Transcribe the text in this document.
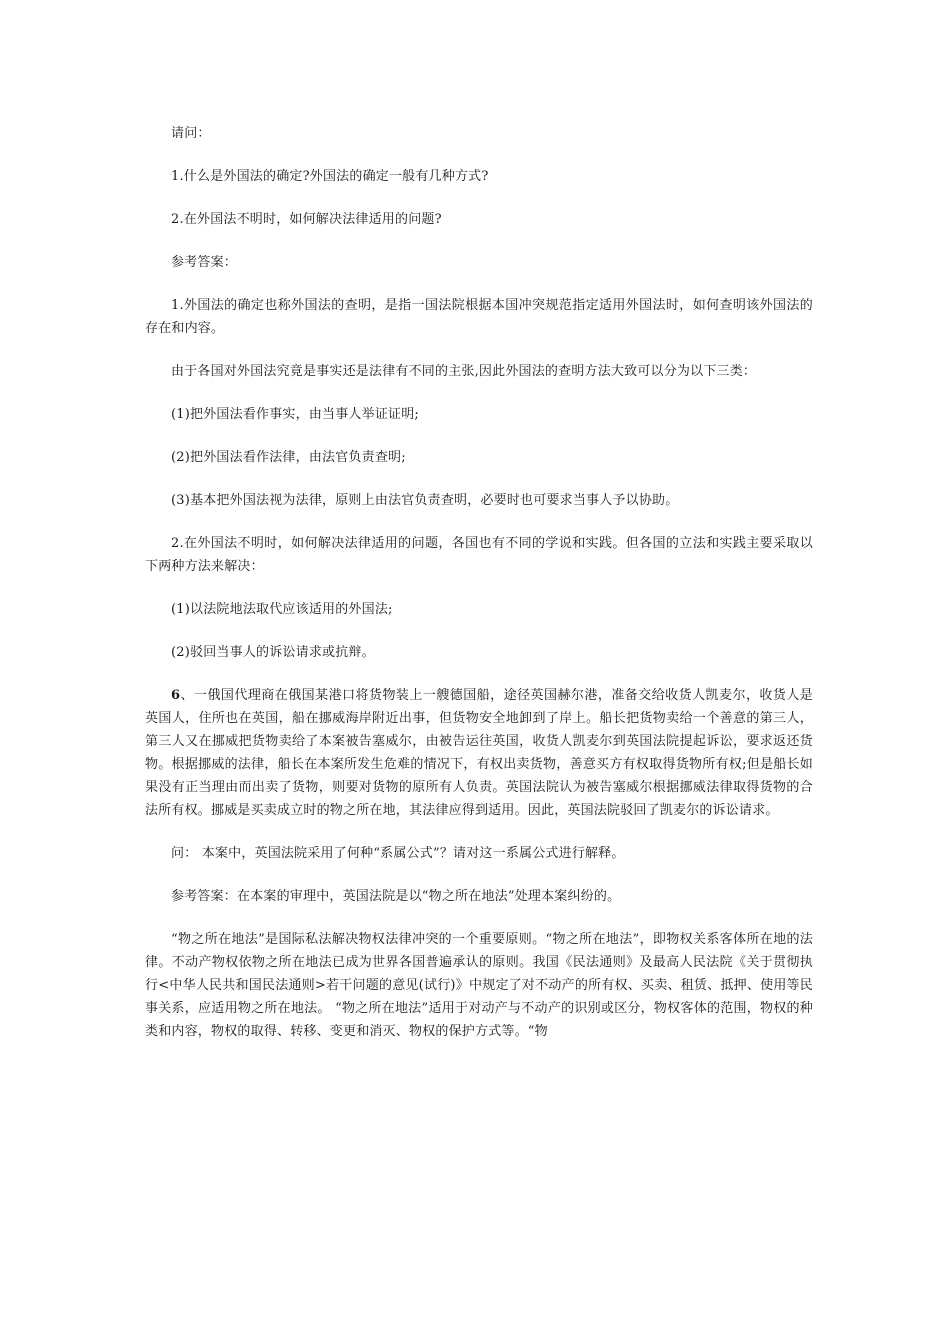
请问：

1.什么是外国法的确定?外国法的确定一般有几种方式?

2.在外国法不明时，如何解决法律适用的问题?

参考答案：

1.外国法的确定也称外国法的查明，是指一国法院根据本国冲突规范指定适用外国法时，如何查明该外国法的存在和内容。

由于各国对外国法究竟是事实还是法律有不同的主张,因此外国法的查明方法大致可以分为以下三类：

(1)把外国法看作事实，由当事人举证证明;

(2)把外国法看作法律，由法官负责查明;

(3)基本把外国法视为法律，原则上由法官负责查明，必要时也可要求当事人予以协助。

2.在外国法不明时，如何解决法律适用的问题，各国也有不同的学说和实践。但各国的立法和实践主要采取以下两种方法来解决：

(1)以法院地法取代应该适用的外国法;

(2)驳回当事人的诉讼请求或抗辩。

6、一俄国代理商在俄国某港口将货物装上一艘德国船，途径英国赫尔港，准备交给收货人凯麦尔，收货人是英国人，住所也在英国，船在挪威海岸附近出事，但货物安全地卸到了岸上。船长把货物卖给一个善意的第三人，第三人又在挪威把货物卖给了本案被告塞威尔，由被告运往英国，收货人凯麦尔到英国法院提起诉讼，要求返还货物。根据挪威的法律，船长在本案所发生危难的情况下，有权出卖货物，善意买方有权取得货物所有权;但是船长如果没有正当理由而出卖了货物，则要对货物的原所有人负责。英国法院认为被告塞威尔根据挪威法律取得货物的合法所有权。挪威是买卖成立时的物之所在地，其法律应得到适用。因此，英国法院驳回了凯麦尔的诉讼请求。

问： 本案中，英国法院采用了何种“系属公式”？请对这一系属公式进行解释。

参考答案：在本案的审理中，英国法院是以“物之所在地法”处理本案纠纷的。

“物之所在地法”是国际私法解决物权法律冲突的一个重要原则。“物之所在地法”，即物权关系客体所在地的法律。不动产物权依物之所在地法已成为世界各国普遍承认的原则。我国《民法通则》及最高人民法院《关于贯彻执行<中华人民共和国民法通则>若干问题的意见(试行)》中规定了对不动产的所有权、买卖、租赁、抵押、使用等民事关系，应适用物之所在地法。 “物之所在地法”适用于对动产与不动产的识别或区分，物权客体的范围，物权的种类和内容，物权的取得、转移、变更和消灭、物权的保护方式等。“物
